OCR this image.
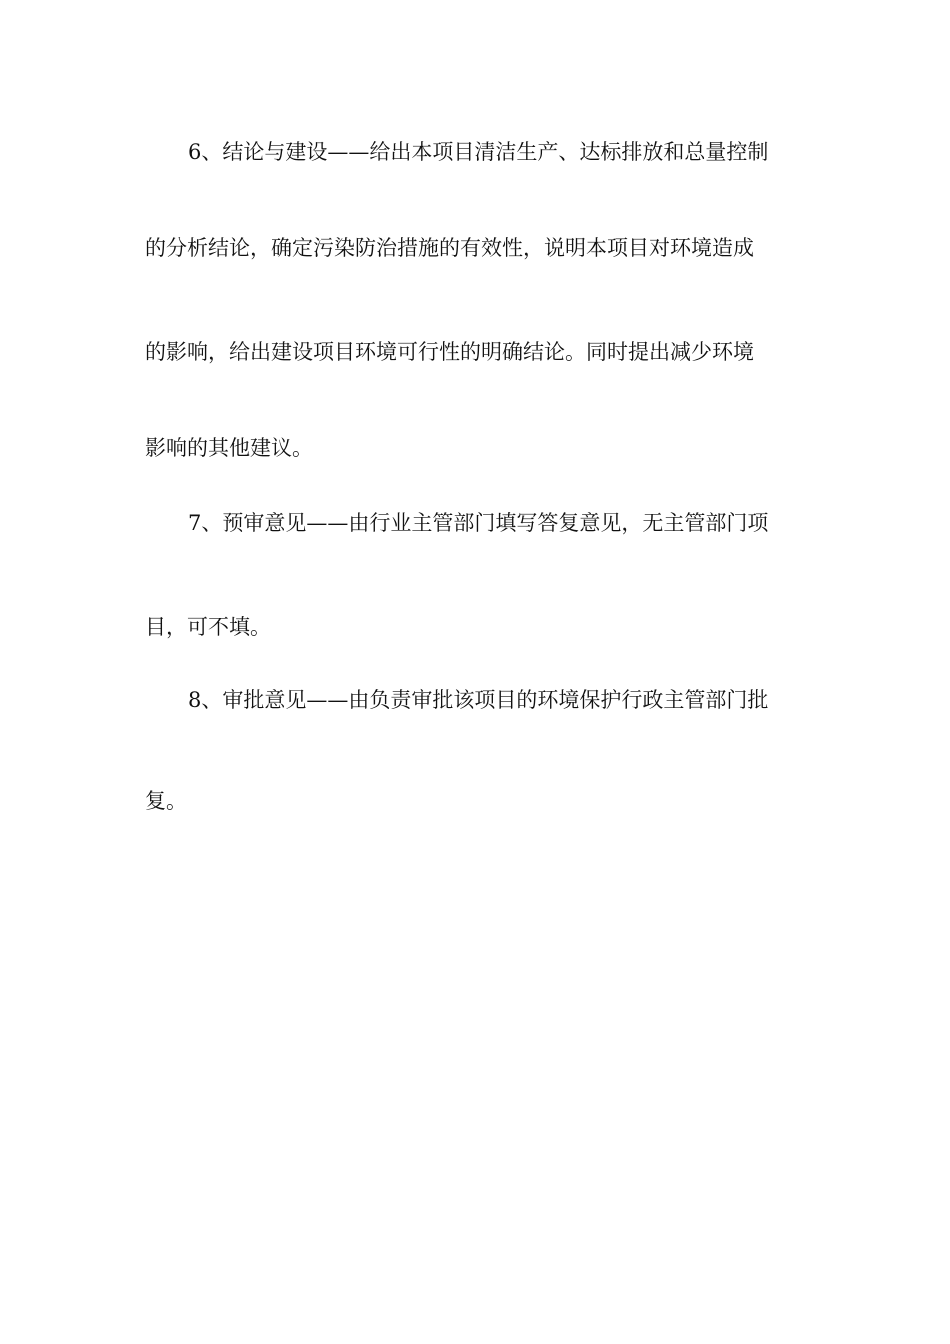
6、结论与建设——给出本项目清洁生产、达标排放和总量控制
的分析结论，确定污染防治措施的有效性，说明本项目对环境造成
的影响，给出建设项目环境可行性的明确结论。同时提出减少环境
影响的其他建议。
7、预审意见——由行业主管部门填写答复意见，无主管部门项
目，可不填。
8、审批意见——由负责审批该项目的环境保护行政主管部门批
复。
